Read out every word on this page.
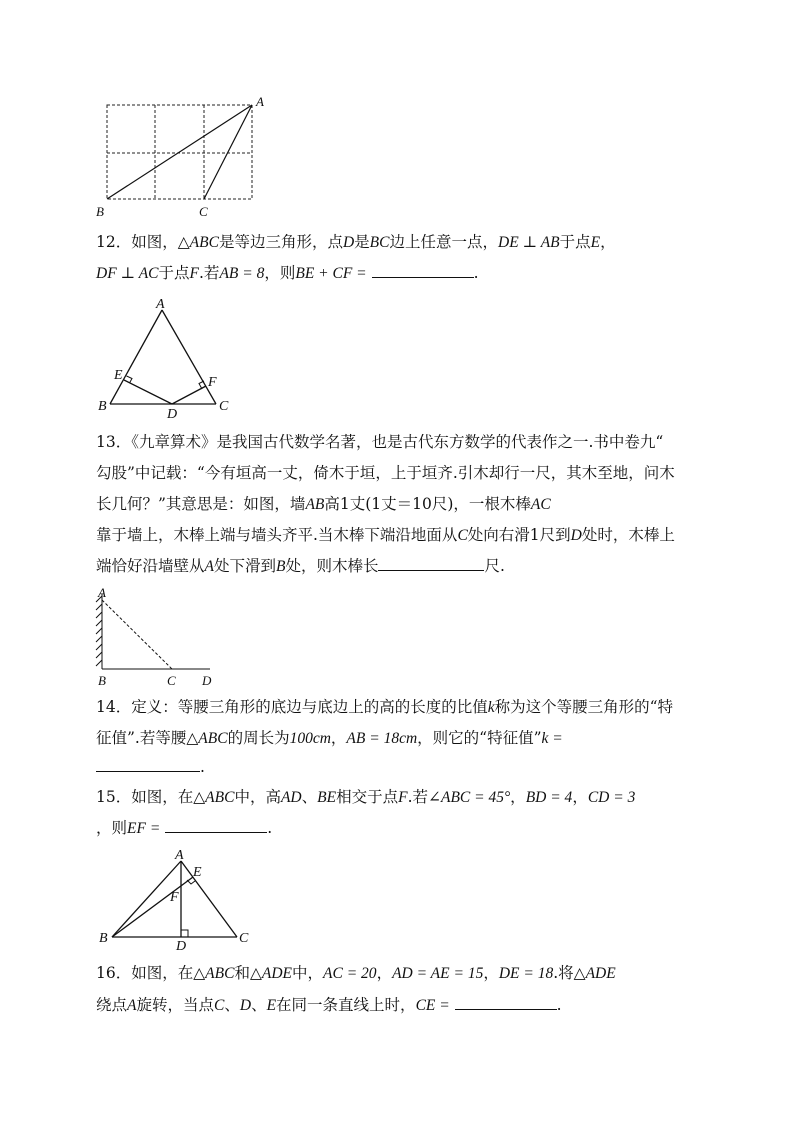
A
B	C
12．如图，△ABC是等边三角形，点D是BC边上任意一点，DE ⊥ AB于点E，
DF ⊥ AC于点F.若AB = 8，则BE + CF =	.
A
B	C
D
E	F
13．《九章算术》是我国古代数学名著，也是古代东方数学的代表作之一.书中卷九“
勾股”中记载：“今有垣高一丈，倚木于垣，上于垣齐.引木却行一尺，其木至地，问木
长几何？”其意思是：如图，墙AB高1丈(1丈＝10尺)，一根木棒AC
靠于墙上，木棒上端与墙头齐平.当木棒下端沿地面从C处向右滑1尺到D处时，木棒上
端恰好沿墙壁从A处下滑到B处，则木棒长	尺.
A
B	C D
14．定义：等腰三角形的底边与底边上的高的长度的比值k称为这个等腰三角形的“特
征值”.若等腰△ABC的周长为100cm，AB = 18cm，则它的“特征值”k =
.
15．如图，在△ABC中，高AD、BE相交于点F.若∠ABC = 45°，BD = 4，CD = 3
，则EF =	.
A
B	C
D
E
F
16．如图，在△ABC和△ADE中，AC = 20，AD = AE = 15，DE = 18.将△ADE
绕点A旋转，当点C、D、E在同一条直线上时，CE =	.
